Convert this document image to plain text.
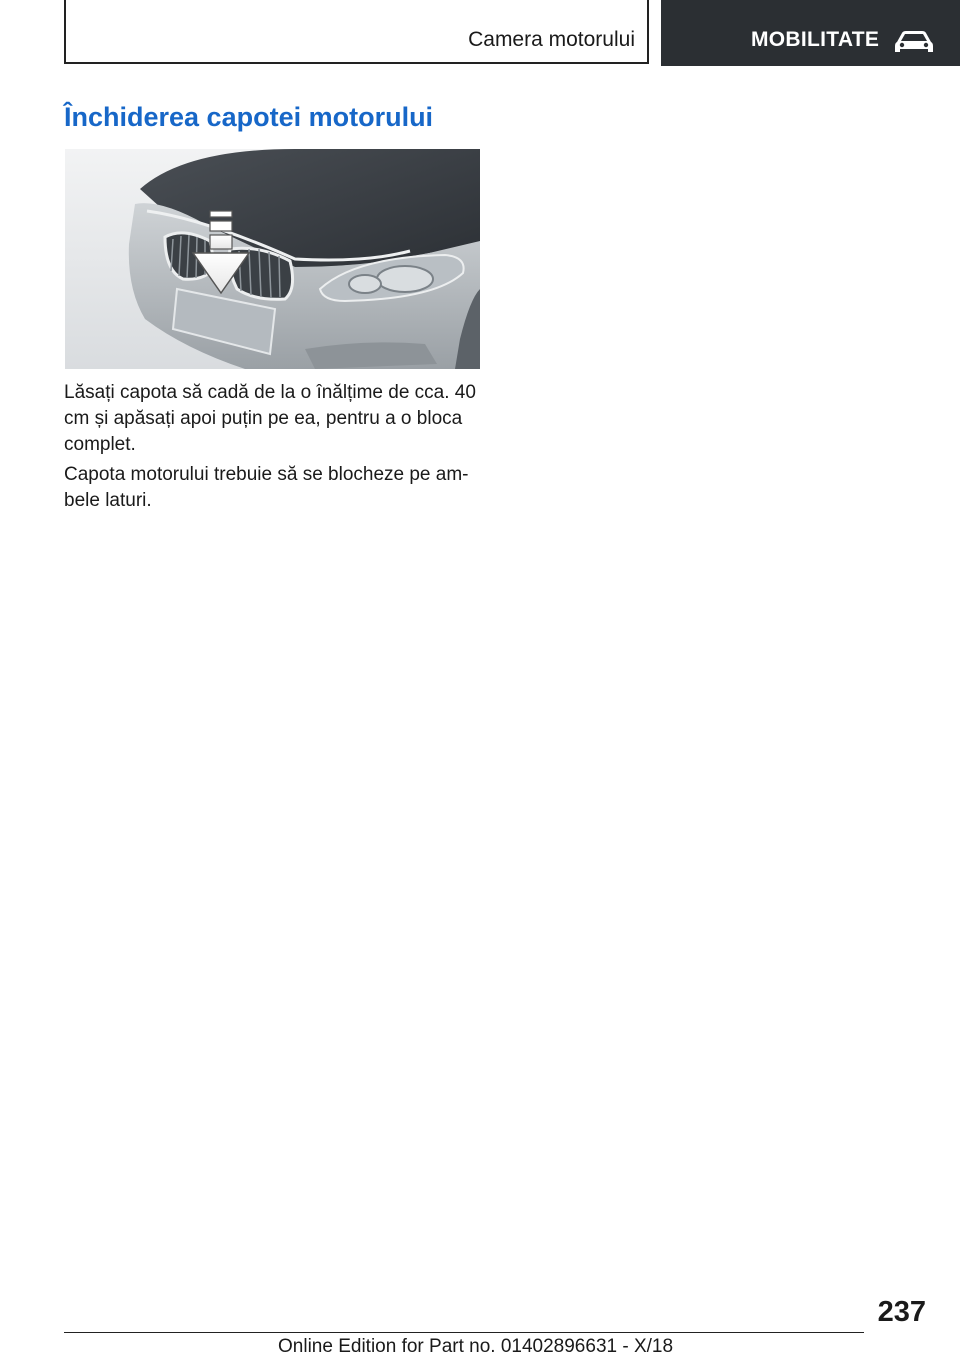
Camera motorului	MOBILITATE
Închiderea capotei motorului

Lăsați capota să cadă de la o înălțime de cca. 40 cm și apăsați apoi puțin pe ea, pentru a o bloca complet.

Capota motorului trebuie să se blocheze pe am‐bele laturi.

237
Online Edition for Part no. 01402896631 - X/18
